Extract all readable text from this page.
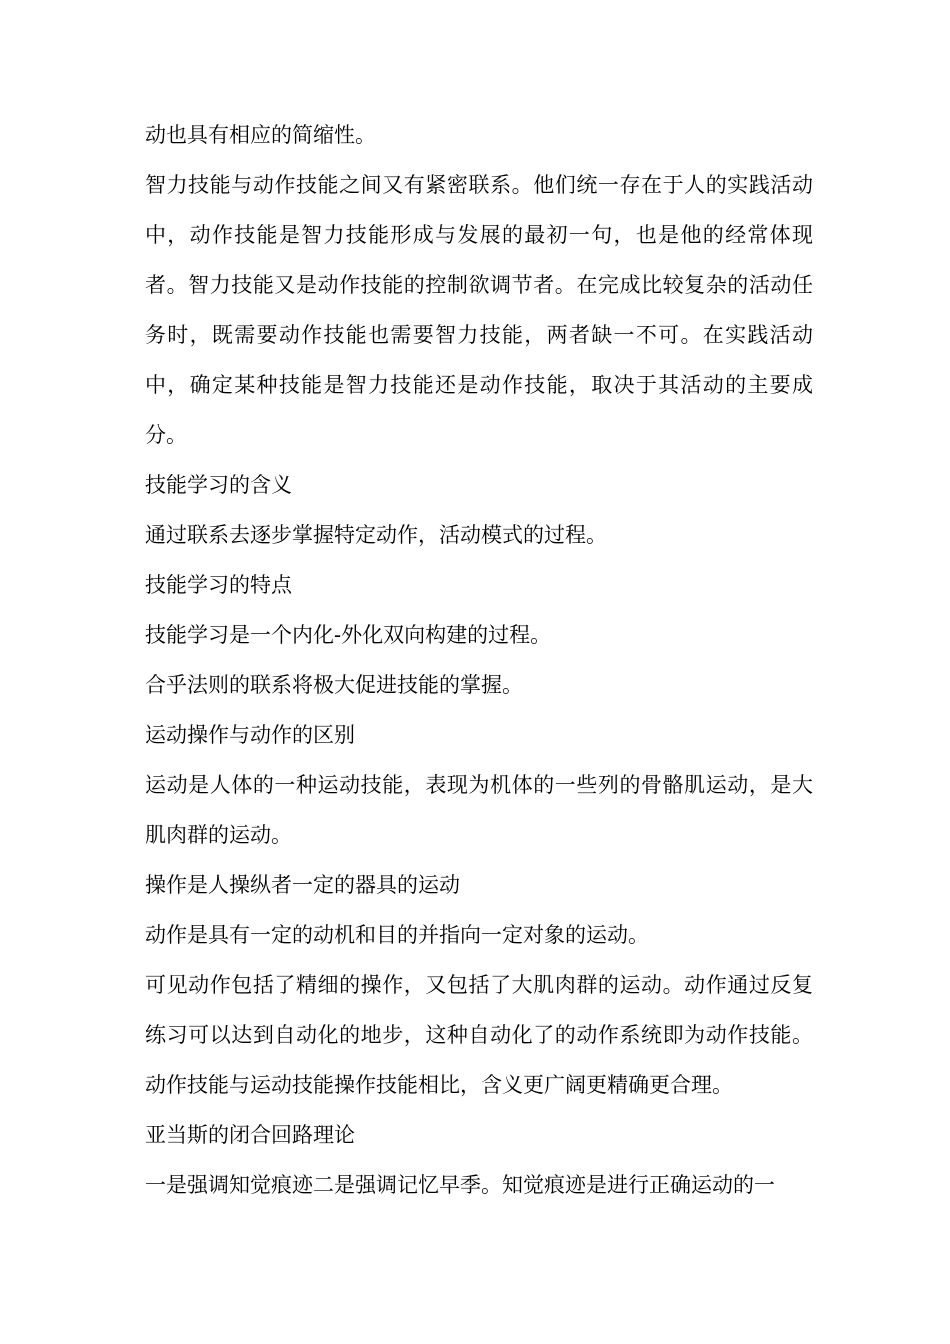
动也具有相应的简缩性。

智力技能与动作技能之间又有紧密联系。他们统一存在于人的实践活动中，动作技能是智力技能形成与发展的最初一句，也是他的经常体现者。智力技能又是动作技能的控制欲调节者。在完成比较复杂的活动任务时，既需要动作技能也需要智力技能，两者缺一不可。在实践活动中，确定某种技能是智力技能还是动作技能，取决于其活动的主要成分。

技能学习的含义

通过联系去逐步掌握特定动作，活动模式的过程。

技能学习的特点

技能学习是一个内化-外化双向构建的过程。

合乎法则的联系将极大促进技能的掌握。

运动操作与动作的区别

运动是人体的一种运动技能，表现为机体的一些列的骨骼肌运动，是大肌肉群的运动。

操作是人操纵者一定的器具的运动

动作是具有一定的动机和目的并指向一定对象的运动。

可见动作包括了精细的操作，又包括了大肌肉群的运动。动作通过反复练习可以达到自动化的地步，这种自动化了的动作系统即为动作技能。动作技能与运动技能操作技能相比，含义更广阔更精确更合理。

亚当斯的闭合回路理论

一是强调知觉痕迹二是强调记忆早季。知觉痕迹是进行正确运动的一
